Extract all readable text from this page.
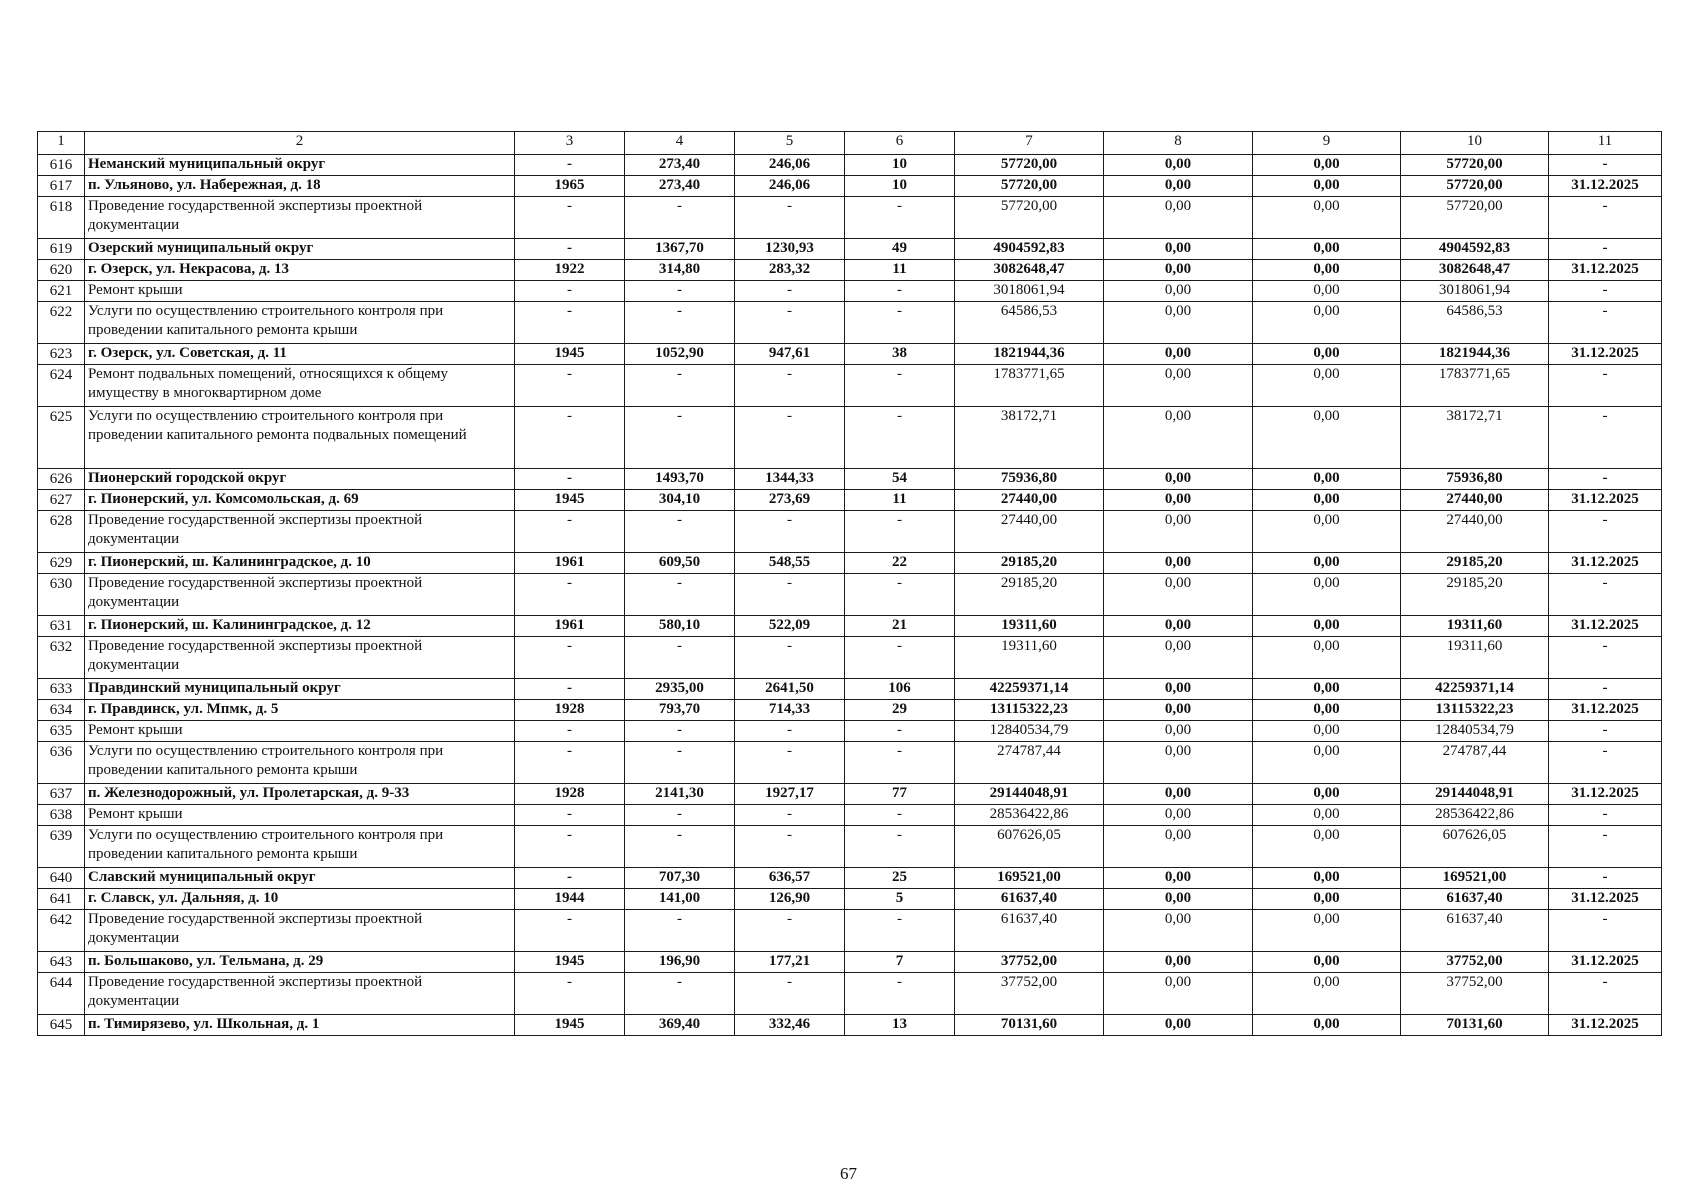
1	2	3	4	5	6	7	8	9	10	11
616	Неманский муниципальный округ	-	273,40	246,06	10	57720,00	0,00	0,00	57720,00	-
617	п. Ульяново, ул. Набережная, д. 18	1965	273,40	246,06	10	57720,00	0,00	0,00	57720,00	31.12.2025
618	Проведение государственной экспертизы проектной документации	-	-	-	-	57720,00	0,00	0,00	57720,00	-
619	Озерский муниципальный округ	-	1367,70	1230,93	49	4904592,83	0,00	0,00	4904592,83	-
620	г. Озерск, ул. Некрасова, д. 13	1922	314,80	283,32	11	3082648,47	0,00	0,00	3082648,47	31.12.2025
621	Ремонт крыши	-	-	-	-	3018061,94	0,00	0,00	3018061,94	-
622	Услуги по осуществлению строительного контроля при проведении капитального ремонта крыши	-	-	-	-	64586,53	0,00	0,00	64586,53	-
623	г. Озерск, ул. Советская, д. 11	1945	1052,90	947,61	38	1821944,36	0,00	0,00	1821944,36	31.12.2025
624	Ремонт подвальных помещений, относящихся к общему имуществу в многоквартирном доме	-	-	-	-	1783771,65	0,00	0,00	1783771,65	-
625	Услуги по осуществлению строительного контроля при проведении капитального ремонта подвальных помещений	-	-	-	-	38172,71	0,00	0,00	38172,71	-
626	Пионерский городской округ	-	1493,70	1344,33	54	75936,80	0,00	0,00	75936,80	-
627	г. Пионерский, ул. Комсомольская, д. 69	1945	304,10	273,69	11	27440,00	0,00	0,00	27440,00	31.12.2025
628	Проведение государственной экспертизы проектной документации	-	-	-	-	27440,00	0,00	0,00	27440,00	-
629	г. Пионерский, ш. Калининградское, д. 10	1961	609,50	548,55	22	29185,20	0,00	0,00	29185,20	31.12.2025
630	Проведение государственной экспертизы проектной документации	-	-	-	-	29185,20	0,00	0,00	29185,20	-
631	г. Пионерский, ш. Калининградское, д. 12	1961	580,10	522,09	21	19311,60	0,00	0,00	19311,60	31.12.2025
632	Проведение государственной экспертизы проектной документации	-	-	-	-	19311,60	0,00	0,00	19311,60	-
633	Правдинский муниципальный округ	-	2935,00	2641,50	106	42259371,14	0,00	0,00	42259371,14	-
634	г. Правдинск, ул. Мпмк, д. 5	1928	793,70	714,33	29	13115322,23	0,00	0,00	13115322,23	31.12.2025
635	Ремонт крыши	-	-	-	-	12840534,79	0,00	0,00	12840534,79	-
636	Услуги по осуществлению строительного контроля при проведении капитального ремонта крыши	-	-	-	-	274787,44	0,00	0,00	274787,44	-
637	п. Железнодорожный, ул. Пролетарская, д. 9-33	1928	2141,30	1927,17	77	29144048,91	0,00	0,00	29144048,91	31.12.2025
638	Ремонт крыши	-	-	-	-	28536422,86	0,00	0,00	28536422,86	-
639	Услуги по осуществлению строительного контроля при проведении капитального ремонта крыши	-	-	-	-	607626,05	0,00	0,00	607626,05	-
640	Славский муниципальный округ	-	707,30	636,57	25	169521,00	0,00	0,00	169521,00	-
641	г. Славск, ул. Дальняя, д. 10	1944	141,00	126,90	5	61637,40	0,00	0,00	61637,40	31.12.2025
642	Проведение государственной экспертизы проектной документации	-	-	-	-	61637,40	0,00	0,00	61637,40	-
643	п. Большаково, ул. Тельмана, д. 29	1945	196,90	177,21	7	37752,00	0,00	0,00	37752,00	31.12.2025
644	Проведение государственной экспертизы проектной документации	-	-	-	-	37752,00	0,00	0,00	37752,00	-
645	п. Тимирязево, ул. Школьная, д. 1	1945	369,40	332,46	13	70131,60	0,00	0,00	70131,60	31.12.2025
67
